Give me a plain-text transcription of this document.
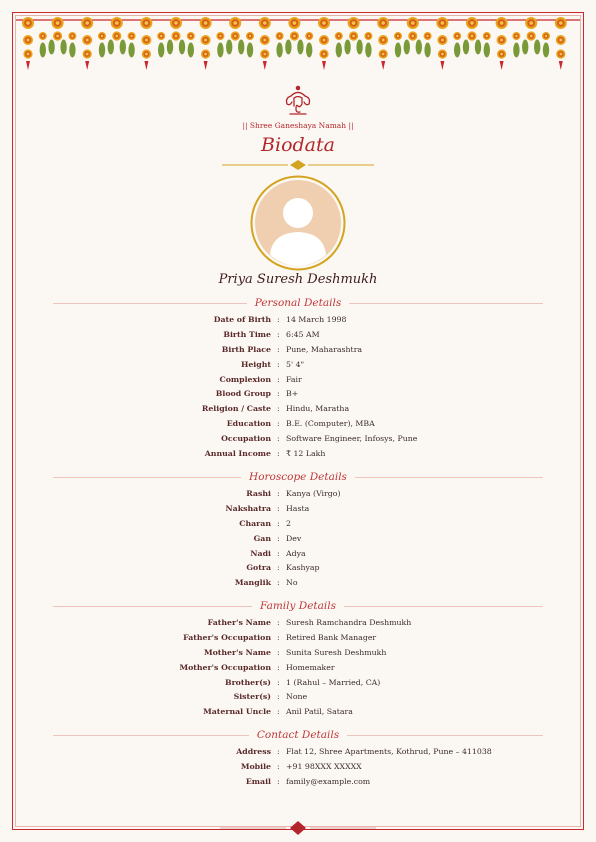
|| Shree Ganeshaya Namah ||
Biodata
Priya Suresh Deshmukh
Personal Details
Date of Birth : 14 March 1998
Birth Time : 6:45 AM
Birth Place : Pune, Maharashtra
Height : 5' 4"
Complexion : Fair
Blood Group : B+
Religion / Caste : Hindu, Maratha
Education : B.E. (Computer), MBA
Occupation : Software Engineer, Infosys, Pune
Annual Income : ₹ 12 Lakh
Horoscope Details
Rashi : Kanya (Virgo)
Nakshatra : Hasta
Charan : 2
Gan : Dev
Nadi : Adya
Gotra : Kashyap
Manglik : No
Family Details
Father's Name : Suresh Ramchandra Deshmukh
Father's Occupation : Retired Bank Manager
Mother's Name : Sunita Suresh Deshmukh
Mother's Occupation : Homemaker
Brother(s) : 1 (Rahul – Married, CA)
Sister(s) : None
Maternal Uncle : Anil Patil, Satara
Contact Details
Address : Flat 12, Shree Apartments, Kothrud, Pune – 411038
Mobile : +91 98XXX XXXXX
Email : family@example.com
